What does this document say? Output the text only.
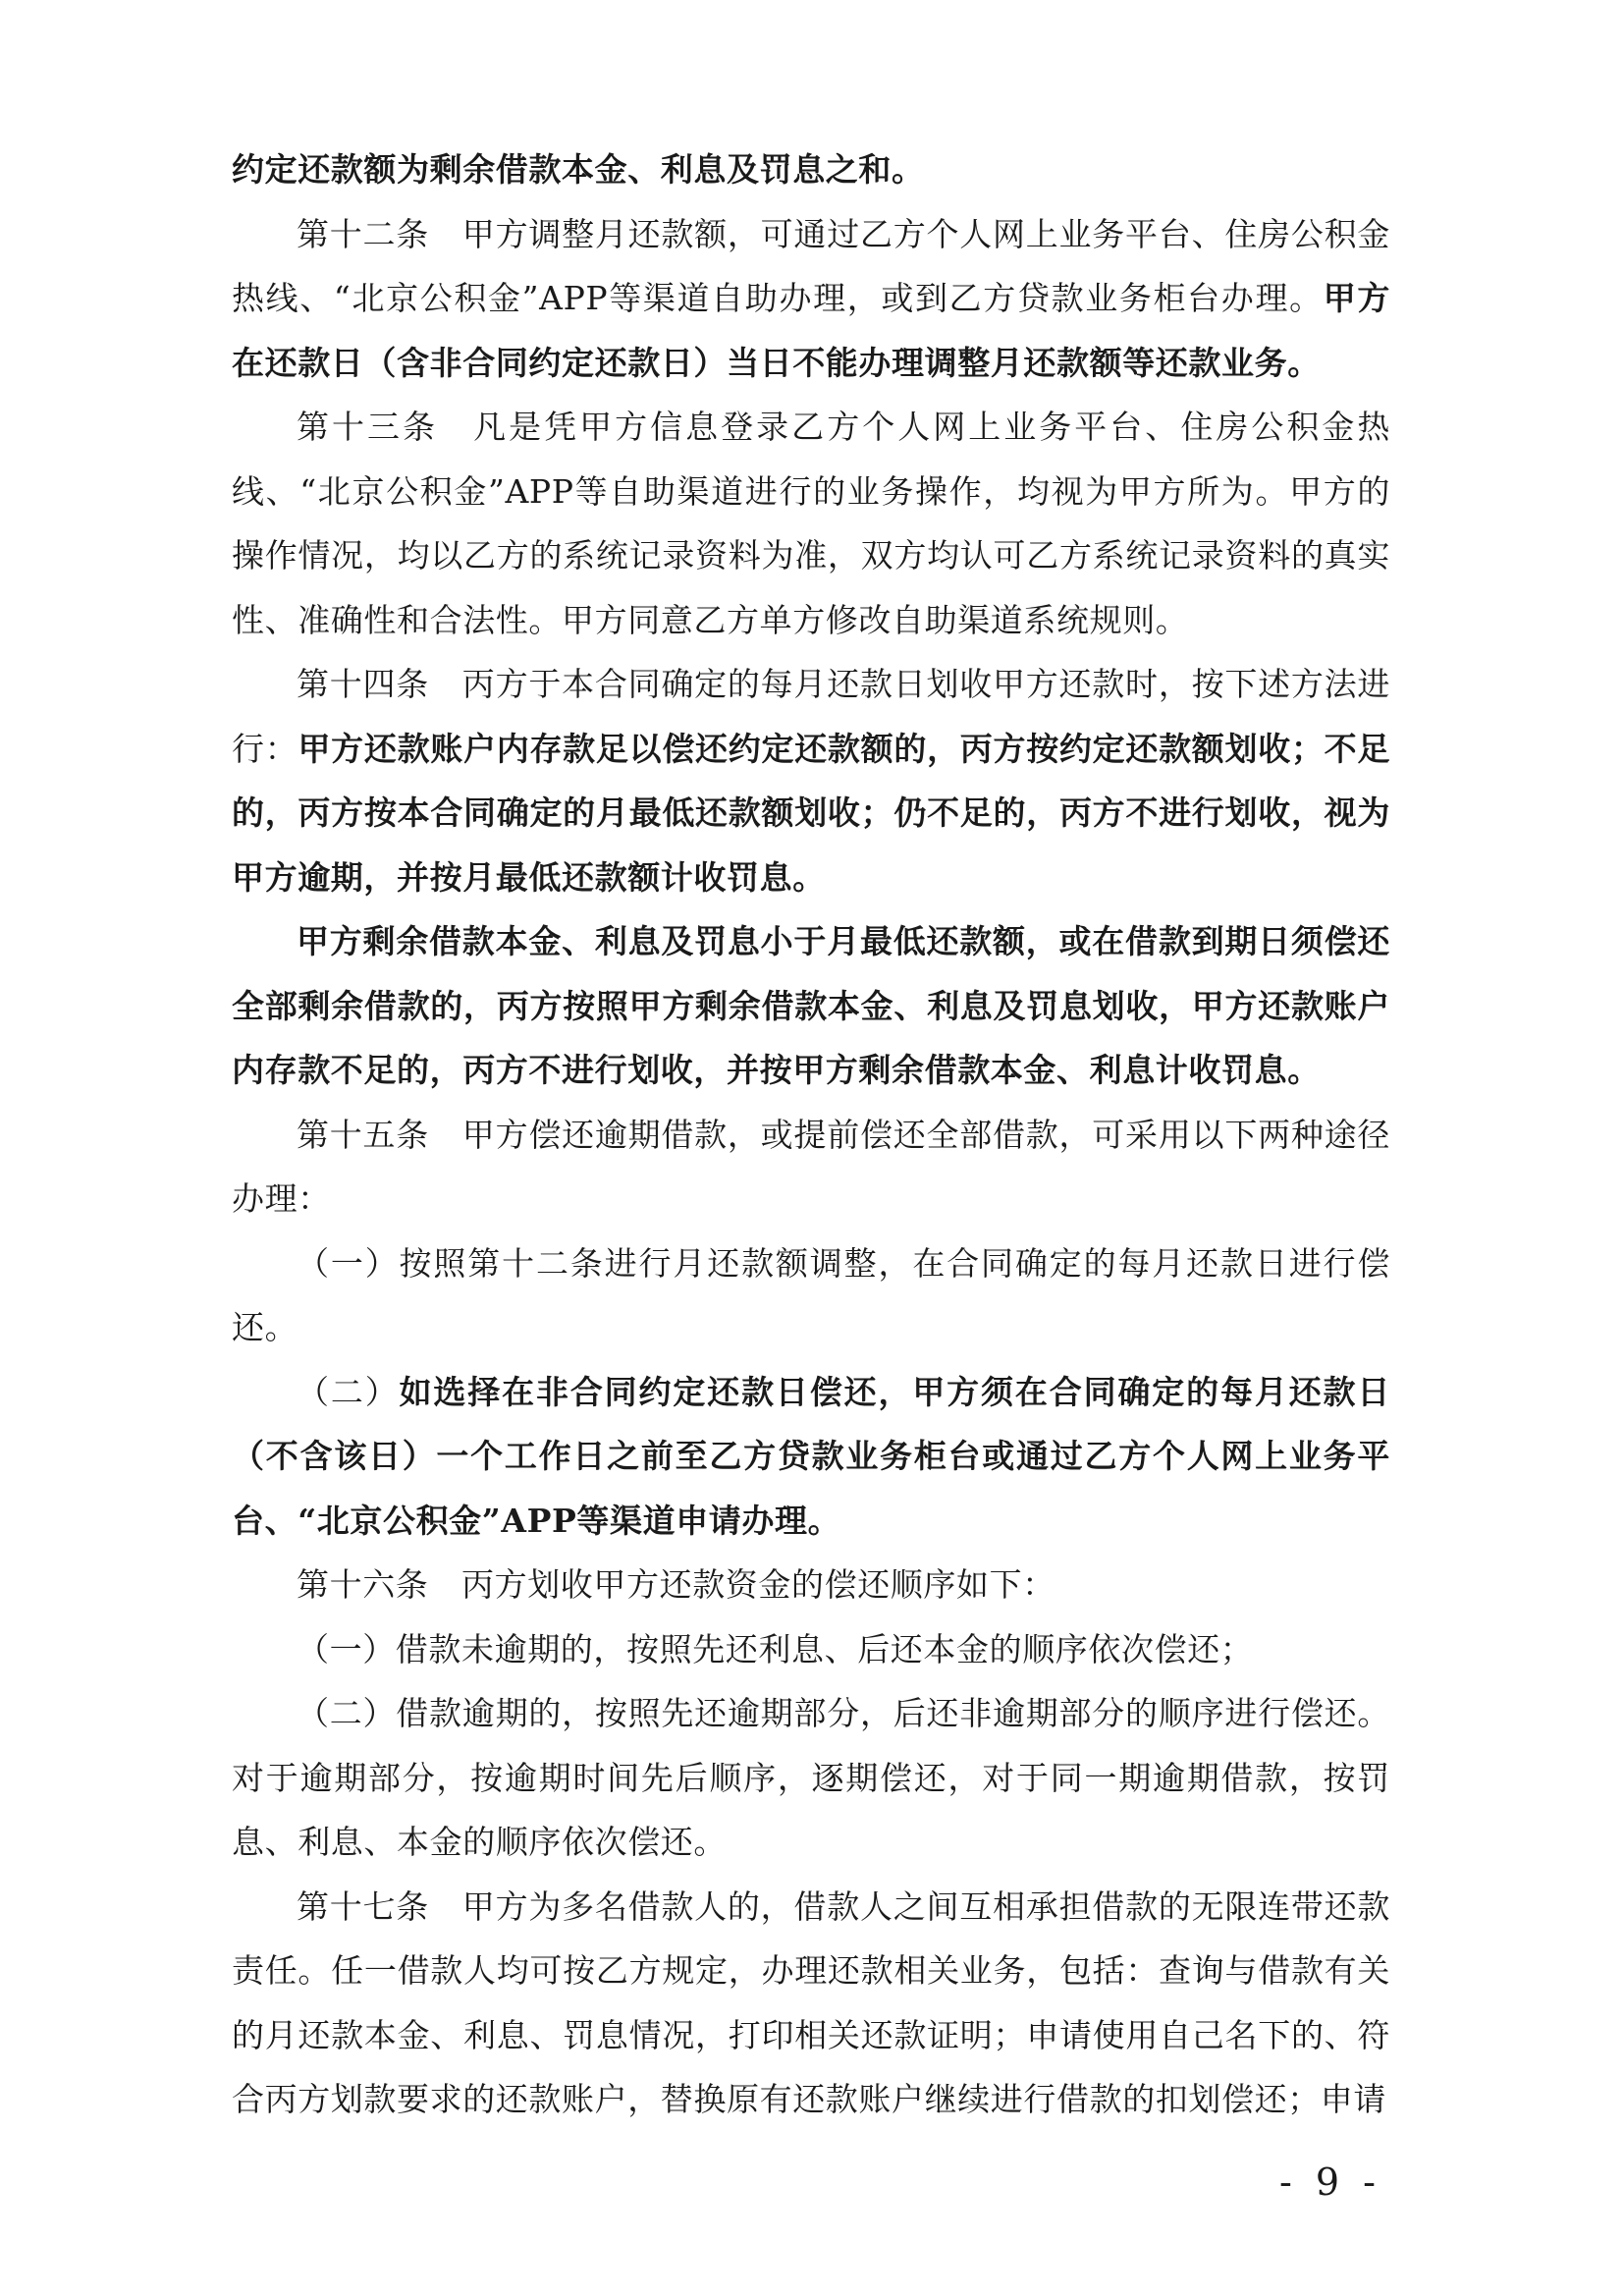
约定还款额为剩余借款本金、利息及罚息之和。

第十二条　甲方调整月还款额，可通过乙方个人网上业务平台、住房公积金热线、“北京公积金”APP等渠道自助办理，或到乙方贷款业务柜台办理。甲方在还款日（含非合同约定还款日）当日不能办理调整月还款额等还款业务。

第十三条　凡是凭甲方信息登录乙方个人网上业务平台、住房公积金热线、“北京公积金”APP等自助渠道进行的业务操作，均视为甲方所为。甲方的操作情况，均以乙方的系统记录资料为准，双方均认可乙方系统记录资料的真实性、准确性和合法性。甲方同意乙方单方修改自助渠道系统规则。

第十四条　丙方于本合同确定的每月还款日划收甲方还款时，按下述方法进行：甲方还款账户内存款足以偿还约定还款额的，丙方按约定还款额划收；不足的，丙方按本合同确定的月最低还款额划收；仍不足的，丙方不进行划收，视为甲方逾期，并按月最低还款额计收罚息。

甲方剩余借款本金、利息及罚息小于月最低还款额，或在借款到期日须偿还全部剩余借款的，丙方按照甲方剩余借款本金、利息及罚息划收，甲方还款账户内存款不足的，丙方不进行划收，并按甲方剩余借款本金、利息计收罚息。

第十五条　甲方偿还逾期借款，或提前偿还全部借款，可采用以下两种途径办理：

（一）按照第十二条进行月还款额调整，在合同确定的每月还款日进行偿还。

（二）如选择在非合同约定还款日偿还，甲方须在合同确定的每月还款日（不含该日）一个工作日之前至乙方贷款业务柜台或通过乙方个人网上业务平台、“北京公积金”APP等渠道申请办理。

第十六条　丙方划收甲方还款资金的偿还顺序如下：

（一）借款未逾期的，按照先还利息、后还本金的顺序依次偿还；

（二）借款逾期的，按照先还逾期部分，后还非逾期部分的顺序进行偿还。对于逾期部分，按逾期时间先后顺序，逐期偿还，对于同一期逾期借款，按罚息、利息、本金的顺序依次偿还。

第十七条　甲方为多名借款人的，借款人之间互相承担借款的无限连带还款责任。任一借款人均可按乙方规定，办理还款相关业务，包括：查询与借款有关的月还款本金、利息、罚息情况，打印相关还款证明；申请使用自己名下的、符合丙方划款要求的还款账户，替换原有还款账户继续进行借款的扣划偿还；申请

- 9 -
